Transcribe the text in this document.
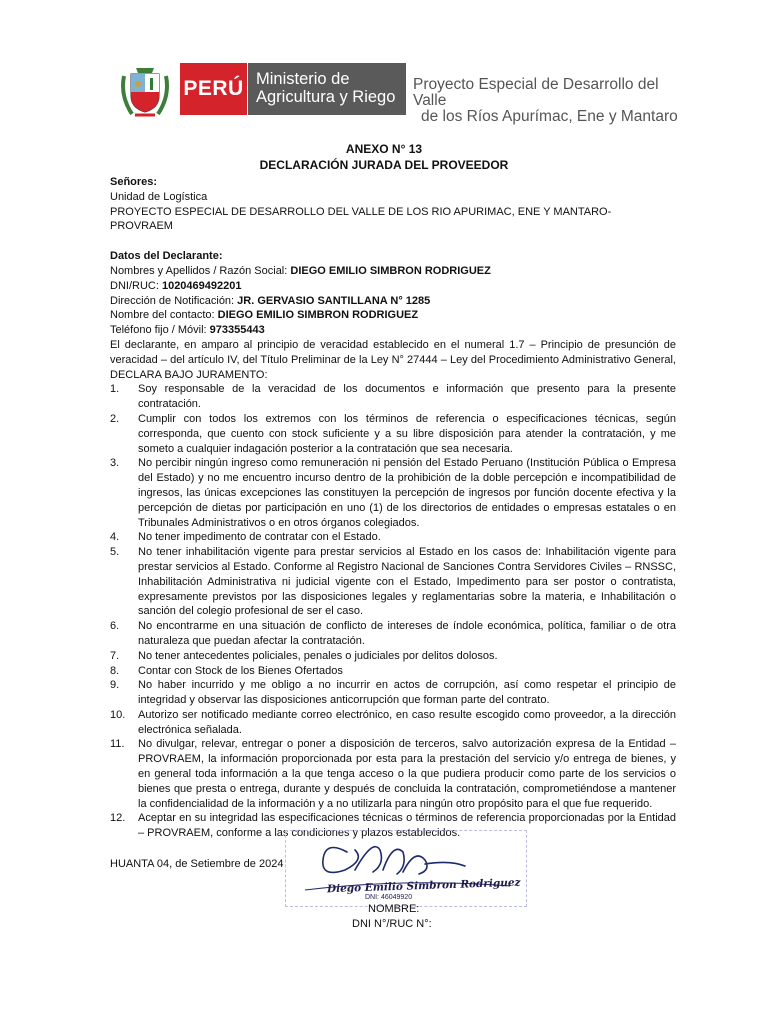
PERÚ Ministerio de
Agricultura y Riego
Proyecto Especial de Desarrollo del Valle
de los Ríos Apurímac, Ene y Mantaro
ANEXO N° 13
DECLARACIÓN JURADA DEL PROVEEDOR

Señores:

Unidad de Logística

PROYECTO ESPECIAL DE DESARROLLO DEL VALLE DE LOS RIO APURIMAC, ENE Y MANTARO- PROVRAEM

Datos del Declarante:

Nombres y Apellidos / Razón Social: DIEGO EMILIO SIMBRON RODRIGUEZ

DNI/RUC: 1020469492201

Dirección de Notificación: JR. GERVASIO SANTILLANA N° 1285

Nombre del contacto: DIEGO EMILIO SIMBRON RODRIGUEZ

Teléfono fijo / Móvil: 973355443

El declarante, en amparo al principio de veracidad establecido en el numeral 1.7 – Principio de presunción de veracidad – del artículo IV, del Título Preliminar de la Ley N° 27444 – Ley del Procedimiento Administrativo General, DECLARA BAJO JURAMENTO:

1. Soy responsable de la veracidad de los documentos e información que presento para la presente contratación.
2. Cumplir con todos los extremos con los términos de referencia o especificaciones técnicas, según corresponda, que cuento con stock suficiente y a su libre disposición para atender la contratación, y me someto a cualquier indagación posterior a la contratación que sea necesaria.
3. No percibir ningún ingreso como remuneración ni pensión del Estado Peruano (Institución Pública o Empresa del Estado) y no me encuentro incurso dentro de la prohibición de la doble percepción e incompatibilidad de ingresos, las únicas excepciones las constituyen la percepción de ingresos por función docente efectiva y la percepción de dietas por participación en uno (1) de los directorios de entidades o empresas estatales o en Tribunales Administrativos o en otros órganos colegiados.
4. No tener impedimento de contratar con el Estado.
5. No tener inhabilitación vigente para prestar servicios al Estado en los casos de: Inhabilitación vigente para prestar servicios al Estado. Conforme al Registro Nacional de Sanciones Contra Servidores Civiles – RNSSC, Inhabilitación Administrativa ni judicial vigente con el Estado, Impedimento para ser postor o contratista, expresamente previstos por las disposiciones legales y reglamentarias sobre la materia, e Inhabilitación o sanción del colegio profesional de ser el caso.
6. No encontrarme en una situación de conflicto de intereses de índole económica, política, familiar o de otra naturaleza que puedan afectar la contratación.
7. No tener antecedentes policiales, penales o judiciales por delitos dolosos.
8. Contar con Stock de los Bienes Ofertados
9. No haber incurrido y me obligo a no incurrir en actos de corrupción, así como respetar el principio de integridad y observar las disposiciones anticorrupción que forman parte del contrato.
10. Autorizo ser notificado mediante correo electrónico, en caso resulte escogido como proveedor, a la dirección electrónica señalada.
11. No divulgar, relevar, entregar o poner a disposición de terceros, salvo autorización expresa de la Entidad – PROVRAEM, la información proporcionada por esta para la prestación del servicio y/o entrega de bienes, y en general toda información a la que tenga acceso o la que pudiera producir como parte de los servicios o bienes que presta o entrega, durante y después de concluida la contratación, comprometiéndose a mantener la confidencialidad de la información y a no utilizarla para ningún otro propósito para el que fue requerido.
12. Aceptar en su integridad las especificaciones técnicas o términos de referencia proporcionadas por la Entidad – PROVRAEM, conforme a las condiciones y plazos establecidos.
HUANTA 04, de Setiembre de 2024
Diego Emilio Simbron Rodriguez
DNI: 46049920
NOMBRE:
DNI N°/RUC N°:
